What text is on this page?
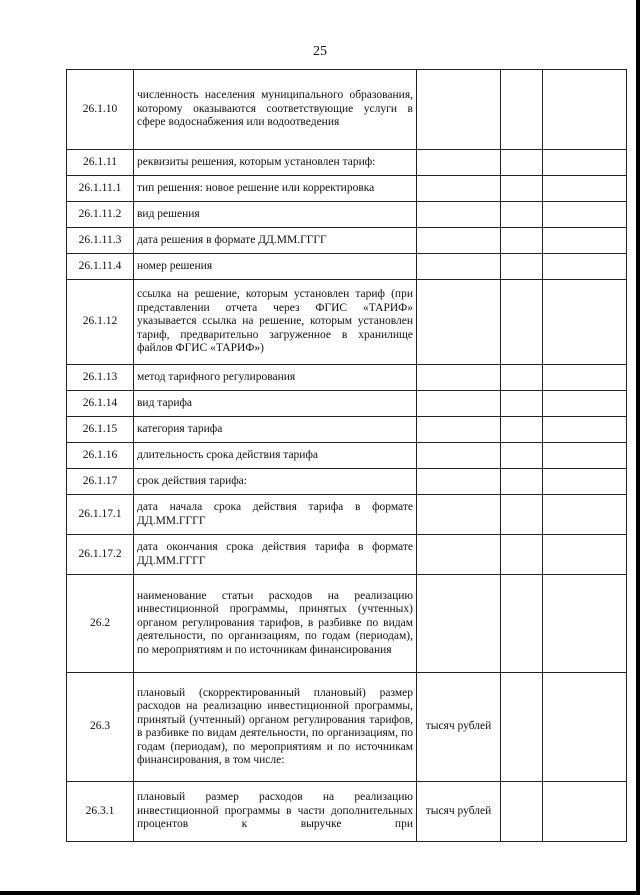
25
26.1.10	численность населения муниципального образования, которому оказываются соответствующие услуги в сфере водоснабжения или водоотведения			
26.1.11	реквизиты решения, которым установлен тариф:			
26.1.11.1	тип решения: новое решение или корректировка			
26.1.11.2	вид решения			
26.1.11.3	дата решения в формате ДД.ММ.ГГГГ			
26.1.11.4	номер решения			
26.1.12	ссылка на решение, которым установлен тариф (при представлении отчета через ФГИС «ТАРИФ» указывается ссылка на решение, которым установлен тариф, предварительно загруженное в хранилище файлов ФГИС «ТАРИФ»)			
26.1.13	метод тарифного регулирования			
26.1.14	вид тарифа			
26.1.15	категория тарифа			
26.1.16	длительность срока действия тарифа			
26.1.17	срок действия тарифа:			
26.1.17.1	дата начала срока действия тарифа в формате ДД.ММ.ГГГГ			
26.1.17.2	дата окончания срока действия тарифа в формате ДД.ММ.ГГГГ			
26.2	наименование статьи расходов на реализацию инвестиционной программы, принятых (учтенных) органом регулирования тарифов, в разбивке по видам деятельности, по организациям, по годам (периодам), по мероприятиям и по источникам финансирования			
26.3	плановый (скорректированный плановый) размер расходов на реализацию инвестиционной программы, принятый (учтенный) органом регулирования тарифов, в разбивке по видам деятельности, по организациям, по годам (периодам), по мероприятиям и по источникам финансирования, в том числе:	тысяч рублей		
26.3.1	плановый размер расходов на реализацию инвестиционной программы в части дополнительных процентов к выручке при	тысяч рублей		
